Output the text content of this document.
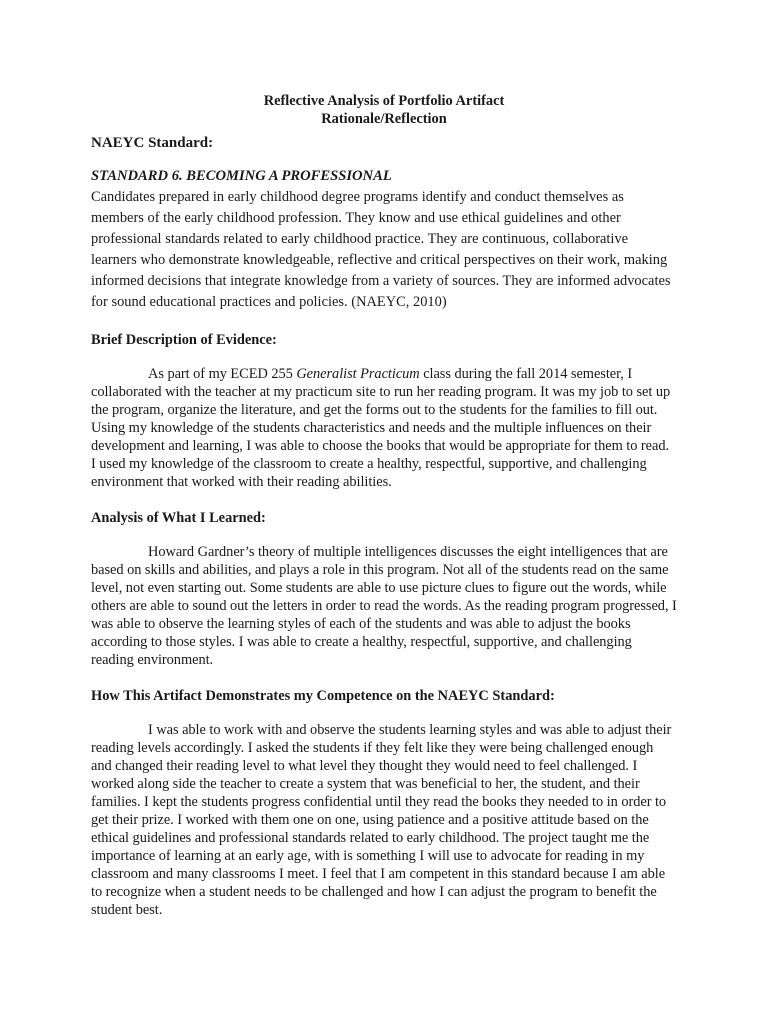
Reflective Analysis of Portfolio Artifact

Rationale/Reflection

NAEYC Standard:

STANDARD 6. BECOMING A PROFESSIONAL

Candidates prepared in early childhood degree programs identify and conduct themselves as members of the early childhood profession. They know and use ethical guidelines and other professional standards related to early childhood practice. They are continuous, collaborative learners who demonstrate knowledgeable, reflective and critical perspectives on their work, making informed decisions that integrate knowledge from a variety of sources. They are informed advocates for sound educational practices and policies. (NAEYC, 2010)

Brief Description of Evidence:

As part of my ECED 255 Generalist Practicum class during the fall 2014 semester, I collaborated with the teacher at my practicum site to run her reading program. It was my job to set up the program, organize the literature, and get the forms out to the students for the families to fill out. Using my knowledge of the students characteristics and needs and the multiple influences on their development and learning, I was able to choose the books that would be appropriate for them to read. I used my knowledge of the classroom to create a healthy, respectful, supportive, and challenging environment that worked with their reading abilities.

Analysis of What I Learned:

Howard Gardner’s theory of multiple intelligences discusses the eight intelligences that are based on skills and abilities, and plays a role in this program. Not all of the students read on the same level, not even starting out. Some students are able to use picture clues to figure out the words, while others are able to sound out the letters in order to read the words. As the reading program progressed, I was able to observe the learning styles of each of the students and was able to adjust the books according to those styles. I was able to create a healthy, respectful, supportive, and challenging reading environment.

How This Artifact Demonstrates my Competence on the NAEYC Standard:

I was able to work with and observe the students learning styles and was able to adjust their reading levels accordingly. I asked the students if they felt like they were being challenged enough and changed their reading level to what level they thought they would need to feel challenged. I worked along side the teacher to create a system that was beneficial to her, the student, and their families. I kept the students progress confidential until they read the books they needed to in order to get their prize. I worked with them one on one, using patience and a positive attitude based on the ethical guidelines and professional standards related to early childhood. The project taught me the importance of learning at an early age, with is something I will use to advocate for reading in my classroom and many classrooms I meet. I feel that I am competent in this standard because I am able to recognize when a student needs to be challenged and how I can adjust the program to benefit the student best.
